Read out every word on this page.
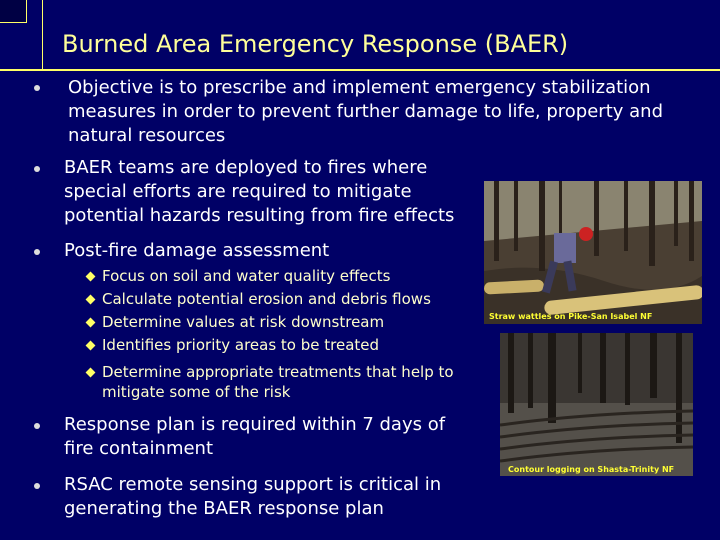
Burned Area Emergency Response (BAER)
Objective is to prescribe and implement emergency stabilization
measures in order to prevent further damage to life, property and
natural resources
BAER teams are deployed to fires where
special efforts are required to mitigate
potential hazards resulting from fire effects
Post-fire damage assessment
Focus on soil and water quality effects
Calculate potential erosion and debris flows
Determine values at risk downstream
Identifies priority areas to be treated
Determine appropriate treatments that help to
mitigate some of the risk
Response plan is required within 7 days of
fire containment
RSAC remote sensing support is critical in
generating the BAER response plan
Straw wattles on Pike-San Isabel NF
Contour logging on Shasta-Trinity NF
